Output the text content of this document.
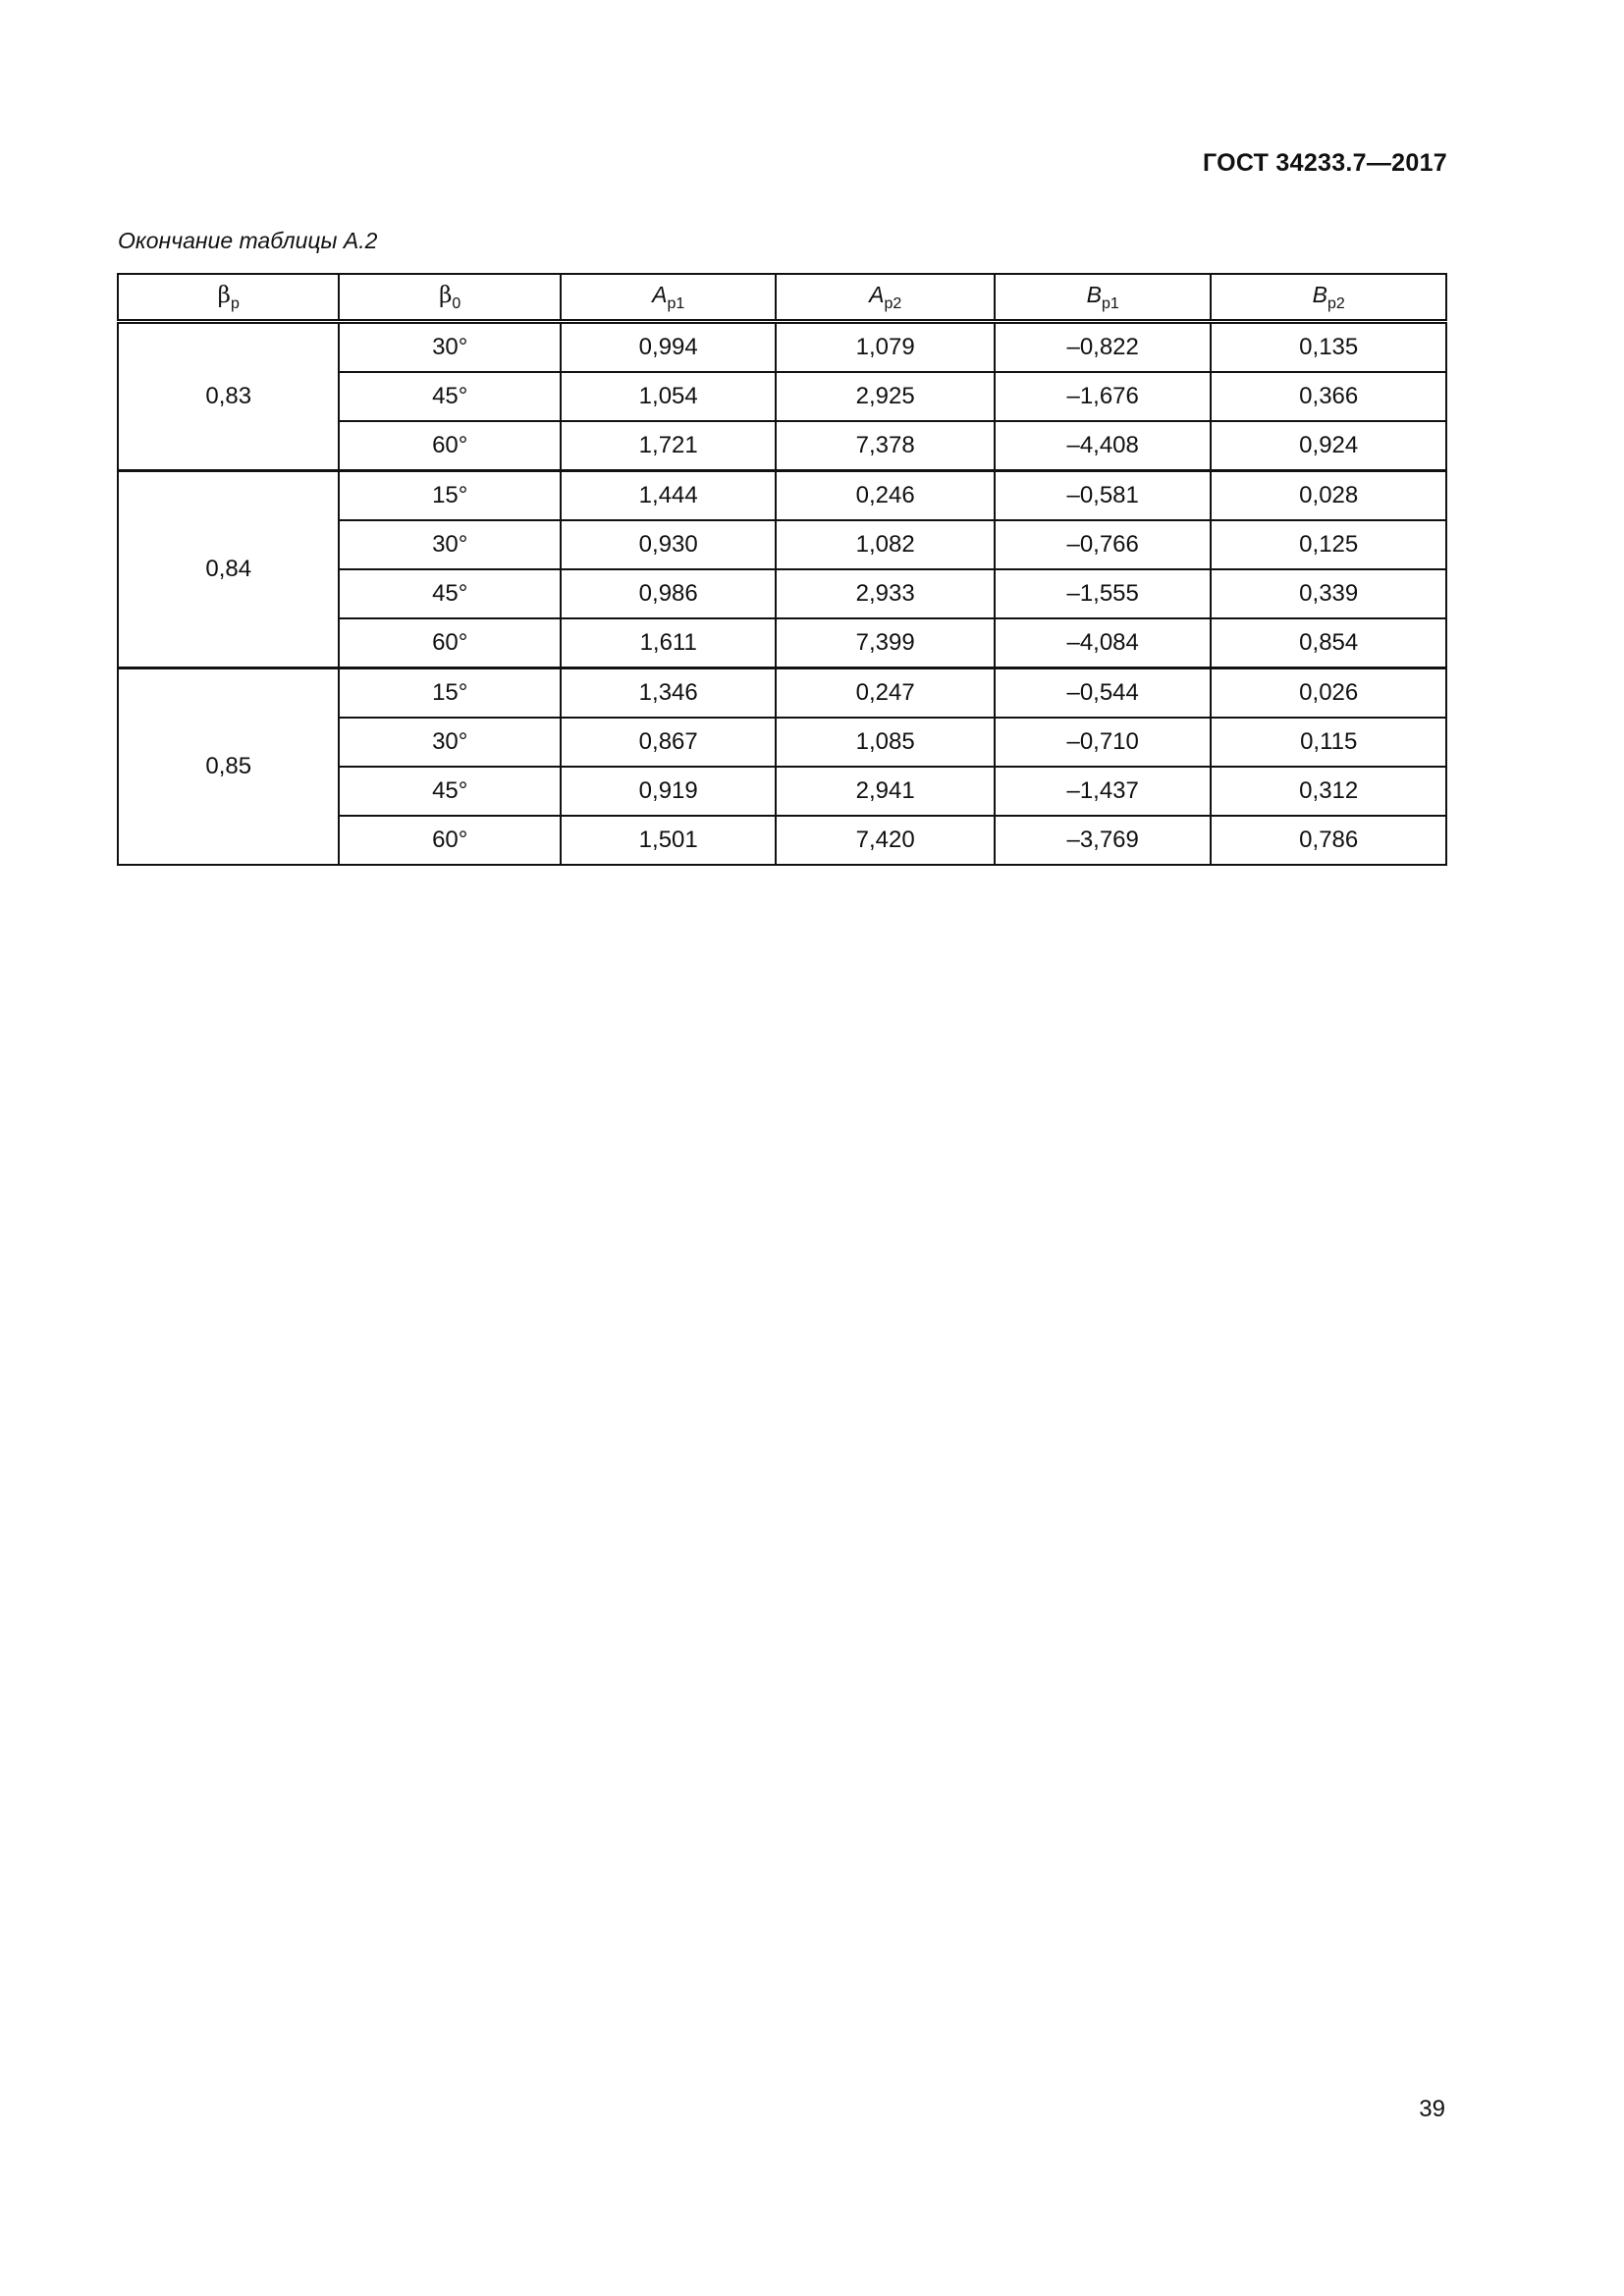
ГОСТ 34233.7—2017
Окончание таблицы А.2
$\beta_p$	$\beta_0$	$A_{p1}$	$A_{p2}$	$B_{p1}$	$B_{p2}$
0,83	30°	0,994	1,079	–0,822	0,135
	45°	1,054	2,925	–1,676	0,366
	60°	1,721	7,378	–4,408	0,924
0,84	15°	1,444	0,246	–0,581	0,028
	30°	0,930	1,082	–0,766	0,125
	45°	0,986	2,933	–1,555	0,339
	60°	1,611	7,399	–4,084	0,854
0,85	15°	1,346	0,247	–0,544	0,026
	30°	0,867	1,085	–0,710	0,115
	45°	0,919	2,941	–1,437	0,312
	60°	1,501	7,420	–3,769	0,786
39
